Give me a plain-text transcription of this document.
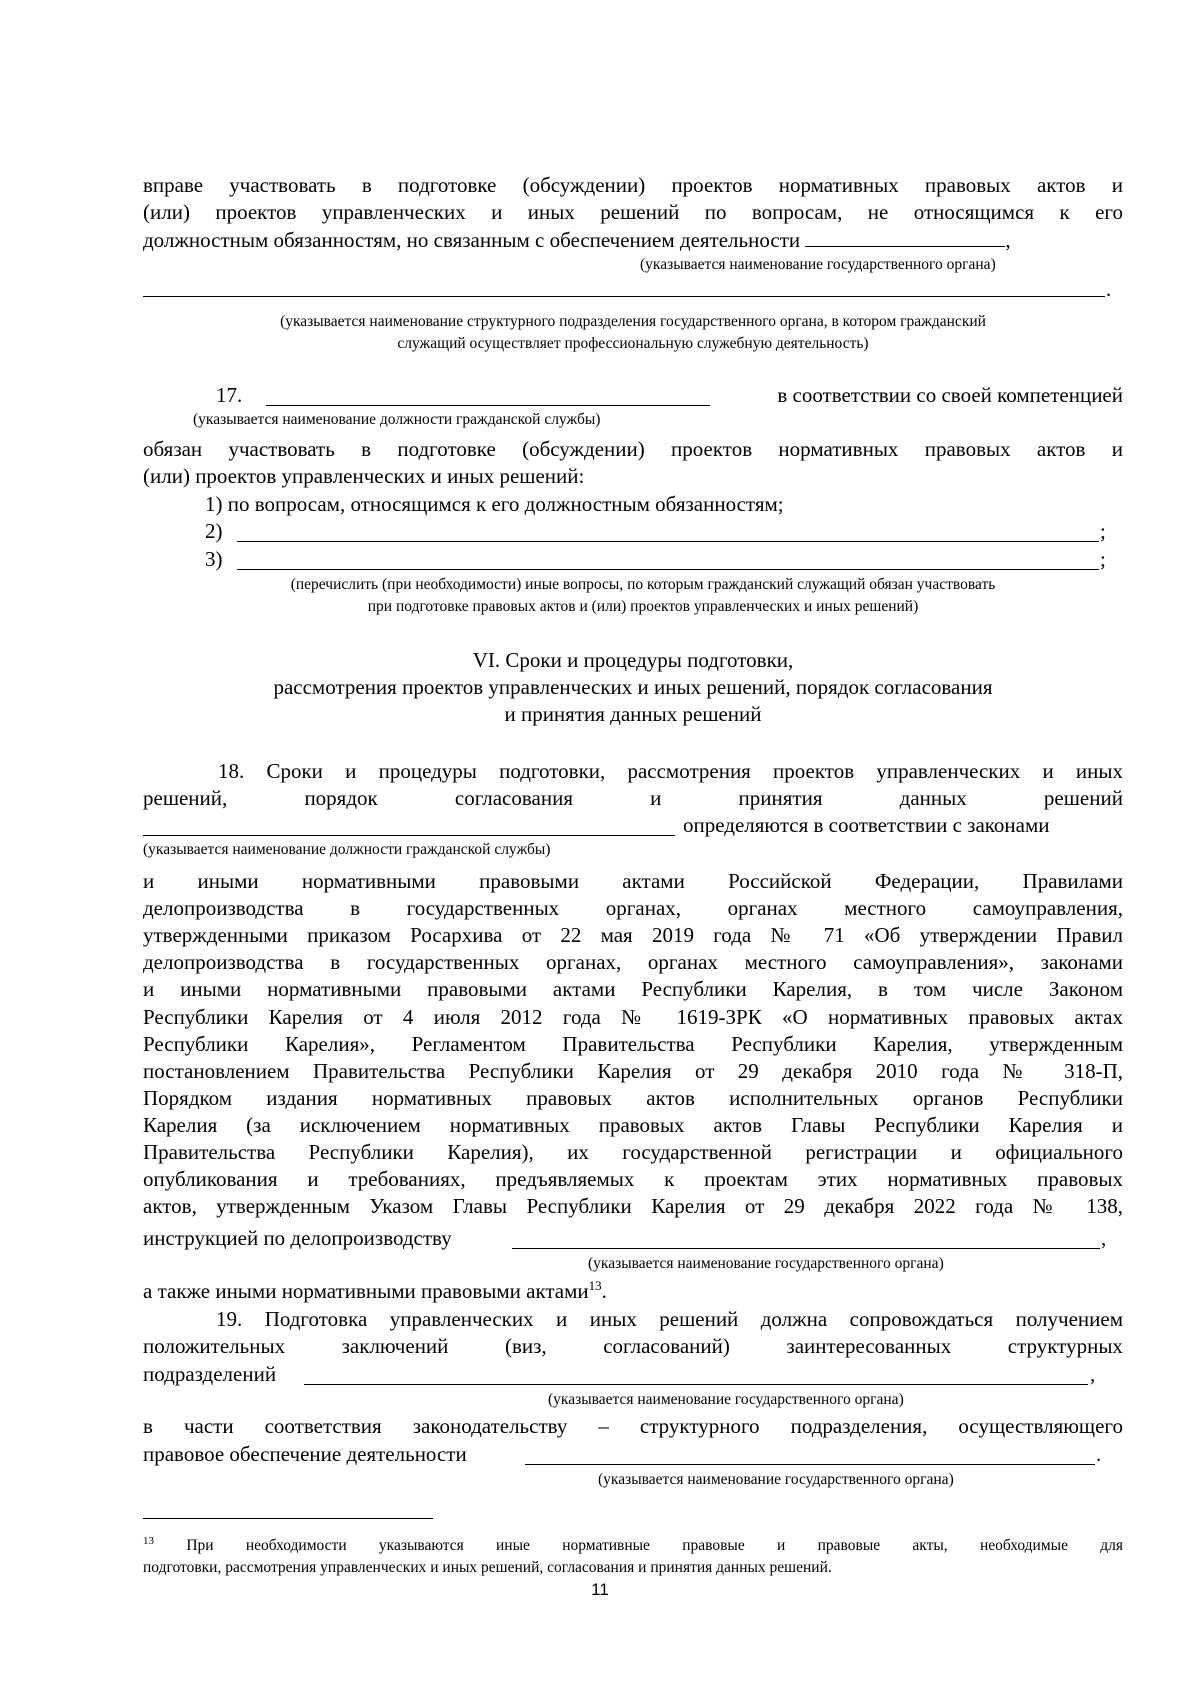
вправе участвовать в подготовке (обсуждении) проектов нормативных правовых актов и
(или) проектов управленческих и иных решений по вопросам, не относящимся к его
должностным обязанностям, но связанным с обеспечением деятельности	,
(указывается наименование государственного органа)
.
(указывается наименование структурного подразделения государственного органа, в котором гражданский
служащий осуществляет профессиональную служебную деятельность)
17.	в соответствии со своей компетенцией
(указывается наименование должности гражданской службы)
обязан участвовать в подготовке (обсуждении) проектов нормативных правовых актов и
(или) проектов управленческих и иных решений:
1) по вопросам, относящимся к его должностным обязанностям;
2)	;
3)	;
(перечислить (при необходимости) иные вопросы, по которым гражданский служащий обязан участвовать
при подготовке правовых актов и (или) проектов управленческих и иных решений)
VI. Сроки и процедуры подготовки,
рассмотрения проектов управленческих и иных решений, порядок согласования
и принятия данных решений
18. Сроки и процедуры подготовки, рассмотрения проектов управленческих и иных
решений,	порядок	согласования	и	принятия	данных	решений
определяются в соответствии с законами
(указывается наименование должности гражданской службы)
и иными нормативными правовыми актами Российской Федерации, Правилами
делопроизводства в государственных органах, органах местного самоуправления,
утвержденными приказом Росархива от 22 мая 2019 года № 71 «Об утверждении Правил
делопроизводства в государственных органах, органах местного самоуправления», законами
и иными нормативными правовыми актами Республики Карелия, в том числе Законом
Республики Карелия от 4 июля 2012 года № 1619-ЗРК «О нормативных правовых актах
Республики Карелия», Регламентом Правительства Республики Карелия, утвержденным
постановлением Правительства Республики Карелия от 29 декабря 2010 года № 318-П,
Порядком издания нормативных правовых актов исполнительных органов Республики
Карелия (за исключением нормативных правовых актов Главы Республики Карелия и
Правительства Республики Карелия), их государственной регистрации и официального
опубликования и требованиях, предъявляемых к проектам этих нормативных правовых
актов, утвержденным Указом Главы Республики Карелия от 29 декабря 2022 года № 138,
инструкцией по делопроизводству	,
(указывается наименование государственного органа)
а также иными нормативными правовыми актами$^{13}$.
19. Подготовка управленческих и иных решений должна сопровождаться получением
положительных	заключений	(виз,	согласований)	заинтересованных	структурных
подразделений	,
(указывается наименование государственного органа)
в части соответствия законодательству – структурного подразделения, осуществляющего
правовое обеспечение деятельности	.
(указывается наименование государственного органа)
$^{13}$ При необходимости указываются иные нормативные правовые и правовые акты, необходимые для
подготовки, рассмотрения управленческих и иных решений, согласования и принятия данных решений.
11
